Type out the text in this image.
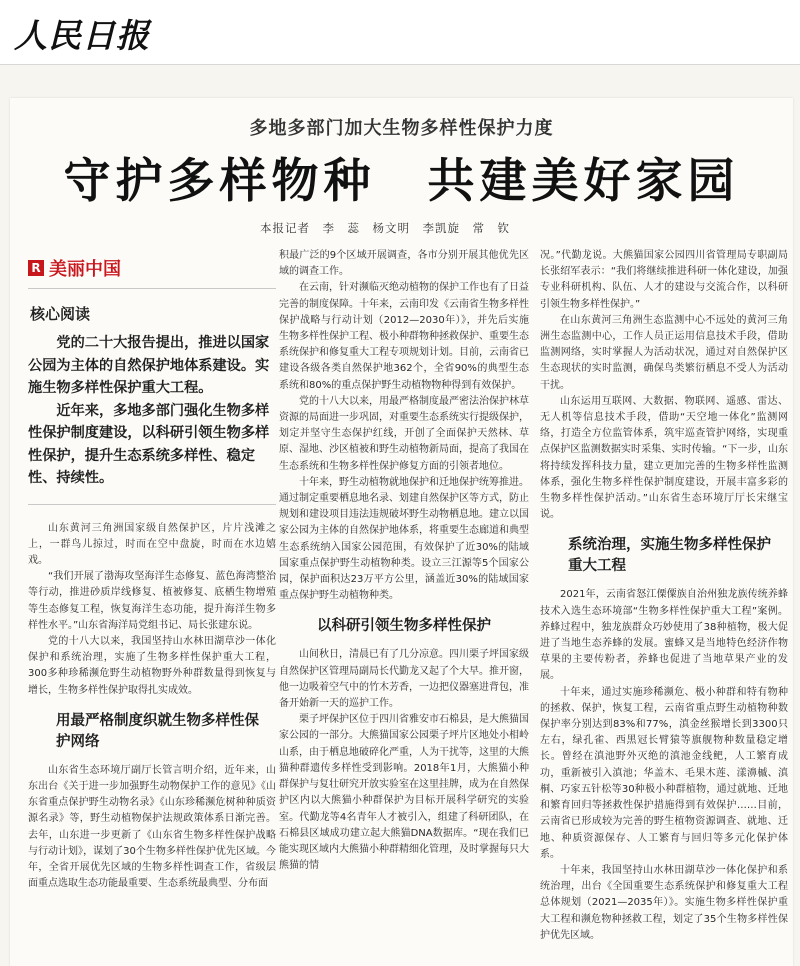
人民日报
多地多部门加大生物多样性保护力度
守护多样物种　共建美好家园
本报记者　李　蕊　杨文明　李凯旋　常　钦
R 美丽中国
核心阅读

党的二十大报告提出，推进以国家公园为主体的自然保护地体系建设。实施生物多样性保护重大工程。

近年来，多地多部门强化生物多样性保护制度建设，以科研引领生物多样性保护，提升生态系统多样性、稳定性、持续性。

山东黄河三角洲国家级自然保护区，片片浅滩之上，一群鸟儿掠过，时而在空中盘旋，时而在水边嬉戏。

“我们开展了渤海攻坚海洋生态修复、蓝色海湾整治等行动，推进砂质岸线修复、植被修复、底栖生物增殖等生态修复工程，恢复海洋生态功能，提升海洋生物多样性水平。”山东省海洋局党组书记、局长张建东说。

党的十八大以来，我国坚持山水林田湖草沙一体化保护和系统治理，实施了生物多样性保护重大工程，300多种珍稀濒危野生动植物野外种群数量得到恢复与增长，生物多样性保护取得扎实成效。

用最严格制度织就生物多样性保护网络

山东省生态环境厅副厅长管言明介绍，近年来，山东出台《关于进一步加强野生动物保护工作的意见》《山东省重点保护野生动物名录》《山东珍稀濒危树种种质资源名录》等，野生动植物保护法规政策体系日渐完善。去年，山东进一步更新了《山东省生物多样性保护战略与行动计划》，谋划了30个生物多样性保护优先区域。今年，全省开展优先区域的生物多样性调查工作，省级层面重点选取生态功能最重要、生态系统最典型、分布面

积最广泛的9个区域开展调查，各市分别开展其他优先区域的调查工作。

在云南，针对濒临灭绝动植物的保护工作也有了日益完善的制度保障。十年来，云南印发《云南省生物多样性保护战略与行动计划（2012—2030年）》，并先后实施生物多样性保护工程、极小种群物种拯救保护、重要生态系统保护和修复重大工程专项规划计划。目前，云南省已建设各级各类自然保护地362个，全省90%的典型生态系统和80%的重点保护野生动植物物种得到有效保护。

党的十八大以来，用最严格制度最严密法治保护林草资源的局面进一步巩固，对重要生态系统实行提级保护，划定并坚守生态保护红线，开创了全面保护天然林、草原、湿地、沙区植被和野生动植物新局面，提高了我国在生态系统和生物多样性保护修复方面的引领者地位。

十年来，野生动植物就地保护和迁地保护统筹推进。通过制定重要栖息地名录、划建自然保护区等方式，防止规划和建设项目违法违规破坏野生动物栖息地。建立以国家公园为主体的自然保护地体系，将重要生态廊道和典型生态系统纳入国家公园范围，有效保护了近30%的陆域国家重点保护野生动植物种类。设立三江源等5个国家公园，保护面积达23万平方公里，涵盖近30%的陆域国家重点保护野生动植物种类。

以科研引领生物多样性保护

山间秋日，清晨已有了几分凉意。四川栗子坪国家级自然保护区管理局副局长代勤龙又起了个大早。推开窗，他一边吸着空气中的竹木芳香，一边把仪器塞进背包，准备开始新一天的巡护工作。

栗子坪保护区位于四川省雅安市石棉县，是大熊猫国家公园的一部分。大熊猫国家公园栗子坪片区地处小相岭山系，由于栖息地破碎化严重，人为干扰等，这里的大熊猫种群遗传多样性受到影响。2018年1月，大熊猫小种群保护与复壮研究开放实验室在这里挂牌，成为在自然保护区内以大熊猫小种群保护为目标开展科学研究的实验室。代勤龙等4名青年人才被引入，组建了科研团队，在石棉县区域成功建立起大熊猫DNA数据库。“现在我们已能实现区域内大熊猫小种群精细化管理，及时掌握每只大熊猫的情

况。”代勤龙说。大熊猫国家公园四川省管理局专职副局长张绍军表示：“我们将继续推进科研一体化建设，加强专业科研机构、队伍、人才的建设与交流合作，以科研引领生物多样性保护。”

在山东黄河三角洲生态监测中心不远处的黄河三角洲生态监测中心，工作人员正运用信息技术手段，借助监测网络，实时掌握人为活动状况，通过对自然保护区生态现状的实时监测，确保鸟类繁衍栖息不受人为活动干扰。

山东运用互联网、大数据、物联网、遥感、雷达、无人机等信息技术手段，借助“天空地一体化”监测网络，打造全方位监管体系，筑牢巡查管护网络，实现重点保护区监测数据实时采集、实时传输。“下一步，山东将持续发挥科技力量，建立更加完善的生物多样性监测体系，强化生物多样性保护制度建设，开展丰富多彩的生物多样性保护活动。”山东省生态环境厅厅长宋继宝说。

系统治理，实施生物多样性保护重大工程

2021年，云南省怒江傈僳族自治州独龙族传统养蜂技术入选生态环境部“生物多样性保护重大工程”案例。养蜂过程中，独龙族群众巧妙使用了38种植物，极大促进了当地生态养蜂的发展。蜜蜂又是当地特色经济作物草果的主要传粉者，养蜂也促进了当地草果产业的发展。

十年来，通过实施珍稀濒危、极小种群和特有物种的拯救、保护，恢复工程，云南省重点野生动植物种数保护率分别达到83%和77%，滇金丝猴增长到3300只左右，绿孔雀、西黑冠长臂猿等旗舰物种数量稳定增长。曾经在滇池野外灭绝的滇池金线鲃，人工繁育成功，重新被引入滇池；华盖木、毛果木莲、漾濞槭、滇桐、巧家五针松等30种极小种群植物，通过就地、迁地和繁育回归等拯救性保护措施得到有效保护……目前，云南省已形成较为完善的野生植物资源调查、就地、迁地、种质资源保存、人工繁育与回归等多元化保护体系。

十年来，我国坚持山水林田湖草沙一体化保护和系统治理，出台《全国重要生态系统保护和修复重大工程总体规划（2021—2035年）》。实施生物多样性保护重大工程和濒危物种拯救工程，划定了35个生物多样性保护优先区域。
